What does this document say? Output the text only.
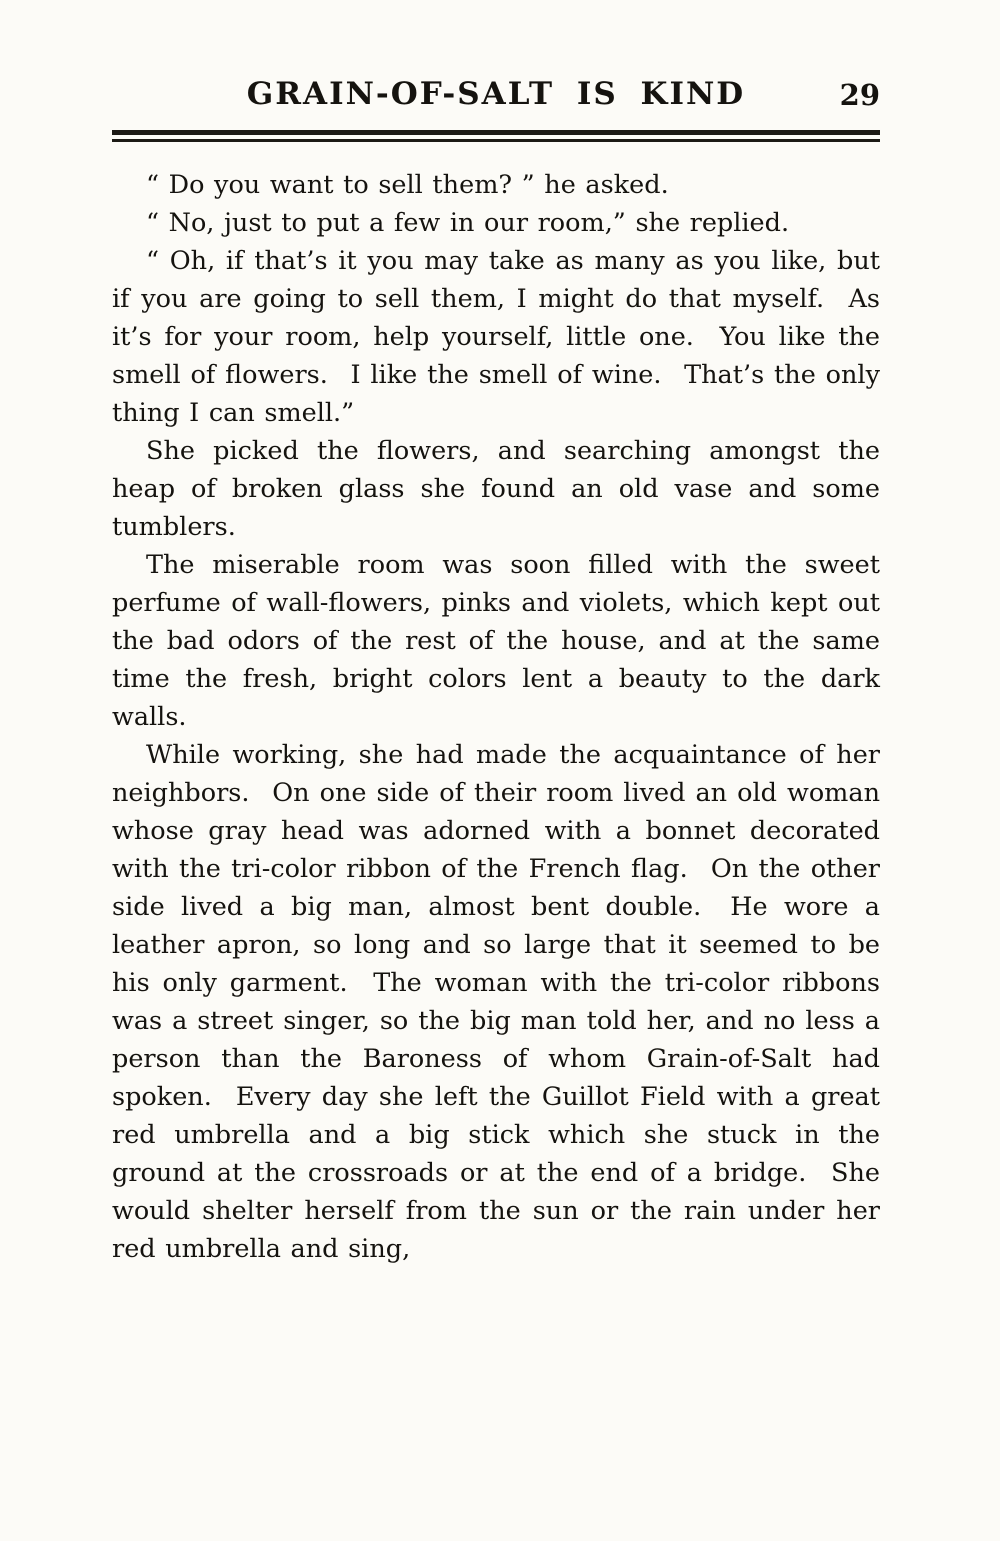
GRAIN-OF-SALT IS KIND	29

“ Do you want to sell them? ” he asked.

“ No, just to put a few in our room,” she replied.

“ Oh, if that’s it you may take as many as you like, but if you are going to sell them, I might do that myself.  As it’s for your room, help yourself, little one.  You like the smell of flowers.  I like the smell of wine.  That’s the only thing I can smell.”

She picked the flowers, and searching amongst the heap of broken glass she found an old vase and some tumblers.

The miserable room was soon filled with the sweet perfume of wall-flowers, pinks and violets, which kept out the bad odors of the rest of the house, and at the same time the fresh, bright colors lent a beauty to the dark walls.

While working, she had made the acquaintance of her neighbors.  On one side of their room lived an old woman whose gray head was adorned with a bonnet decorated with the tri-color ribbon of the French flag.  On the other side lived a big man, almost bent double.  He wore a leather apron, so long and so large that it seemed to be his only garment.  The woman with the tri-color ribbons was a street singer, so the big man told her, and no less a person than the Baroness of whom Grain-of-Salt had spoken.  Every day she left the Guillot Field with a great red umbrella and a big stick which she stuck in the ground at the crossroads or at the end of a bridge.  She would shelter herself from the sun or the rain under her red umbrella and sing,
